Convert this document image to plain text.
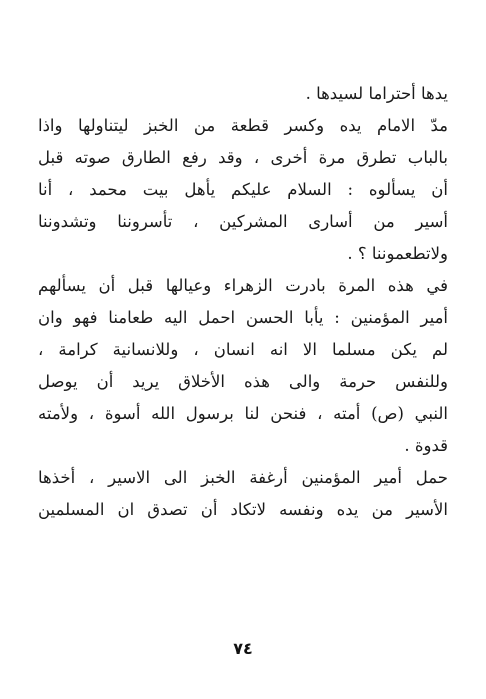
يدها أحتراما لسيدها .
مدّ الامام يده وكسر قطعة من الخبز ليتناولها واذا
بالباب تطرق مرة أخرى ، وقد رفع الطارق صوته قبل
أن يسألوه : السلام عليكم يأهل بيت محمد ، أنا
أسير من أسارى المشركين ، تأسروننا وتشدوننا
ولاتطعموننا ؟ .
في هذه المرة بادرت الزهراء وعيالها قبل أن يسألهم
أمير المؤمنين : يأبا الحسن احمل اليه طعامنا فهو وان
لم يكن مسلما الا انه انسان ، وللانسانية كرامة ،
وللنفس حرمة والى هذه الأخلاق يريد أن يوصل
النبي (ص) أمته ، فنحن لنا برسول الله أسوة ، ولأمته
قدوة .
حمل أمير المؤمنين أرغفة الخبز الى الاسير ، أخذها
الأسير من يده ونفسه لاتكاد أن تصدق ان المسلمين
٧٤
